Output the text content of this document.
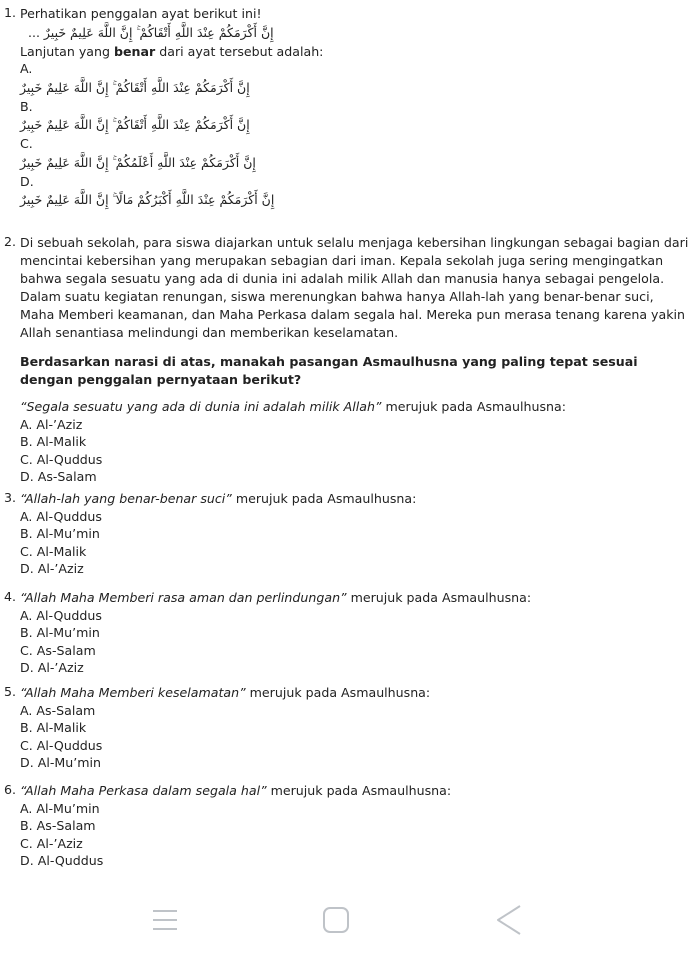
1. Perhatikan penggalan ayat berikut ini!
إِنَّ أَكْرَمَكُمْ عِنْدَ اللَّهِ أَتْقَاكُمْ ۚ إِنَّ اللَّهَ عَلِيمٌ خَبِيرٌ ...
Lanjutan yang benar dari ayat tersebut adalah:
A.
إِنَّ أَكْرَمَكُمْ عِنْدَ اللَّهِ أَتْقَاكُمْ ۚ إِنَّ اللَّهَ عَلِيمٌ خَبِيرٌ
B.
إِنَّ أَكْرَمَكُمْ عِنْدَ اللَّهِ أَتْقَاكُمْ ۚ إِنَّ اللَّهَ عَلِيمٌ خَبِيرٌ
C.
إِنَّ أَكْرَمَكُمْ عِنْدَ اللَّهِ أَعْلَمُكُمْ ۚ إِنَّ اللَّهَ عَلِيمٌ خَبِيرٌ
D.
إِنَّ أَكْرَمَكُمْ عِنْدَ اللَّهِ أَكْبَرُكُمْ مَالًا ۚ إِنَّ اللَّهَ عَلِيمٌ خَبِيرٌ
2. Di sebuah sekolah, para siswa diajarkan untuk selalu menjaga kebersihan lingkungan sebagai bagian dari mencintai kebersihan yang merupakan sebagian dari iman. Kepala sekolah juga sering mengingatkan bahwa segala sesuatu yang ada di dunia ini adalah milik Allah dan manusia hanya sebagai pengelola. Dalam suatu kegiatan renungan, siswa merenungkan bahwa hanya Allah-lah yang benar-benar suci, Maha Memberi keamanan, dan Maha Perkasa dalam segala hal. Mereka pun merasa tenang karena yakin Allah senantiasa melindungi dan memberikan keselamatan.
Berdasarkan narasi di atas, manakah pasangan Asmaulhusna yang paling tepat sesuai dengan penggalan pernyataan berikut?
“Segala sesuatu yang ada di dunia ini adalah milik Allah” merujuk pada Asmaulhusna:
A. Al-’Aziz
B. Al-Malik
C. Al-Quddus
D. As-Salam
3. “Allah-lah yang benar-benar suci” merujuk pada Asmaulhusna:
A. Al-Quddus
B. Al-Mu’min
C. Al-Malik
D. Al-’Aziz
4. “Allah Maha Memberi rasa aman dan perlindungan” merujuk pada Asmaulhusna:
A. Al-Quddus
B. Al-Mu’min
C. As-Salam
D. Al-’Aziz
5. “Allah Maha Memberi keselamatan” merujuk pada Asmaulhusna:
A. As-Salam
B. Al-Malik
C. Al-Quddus
D. Al-Mu’min
6. “Allah Maha Perkasa dalam segala hal” merujuk pada Asmaulhusna:
A. Al-Mu’min
B. As-Salam
C. Al-’Aziz
D. Al-Quddus
